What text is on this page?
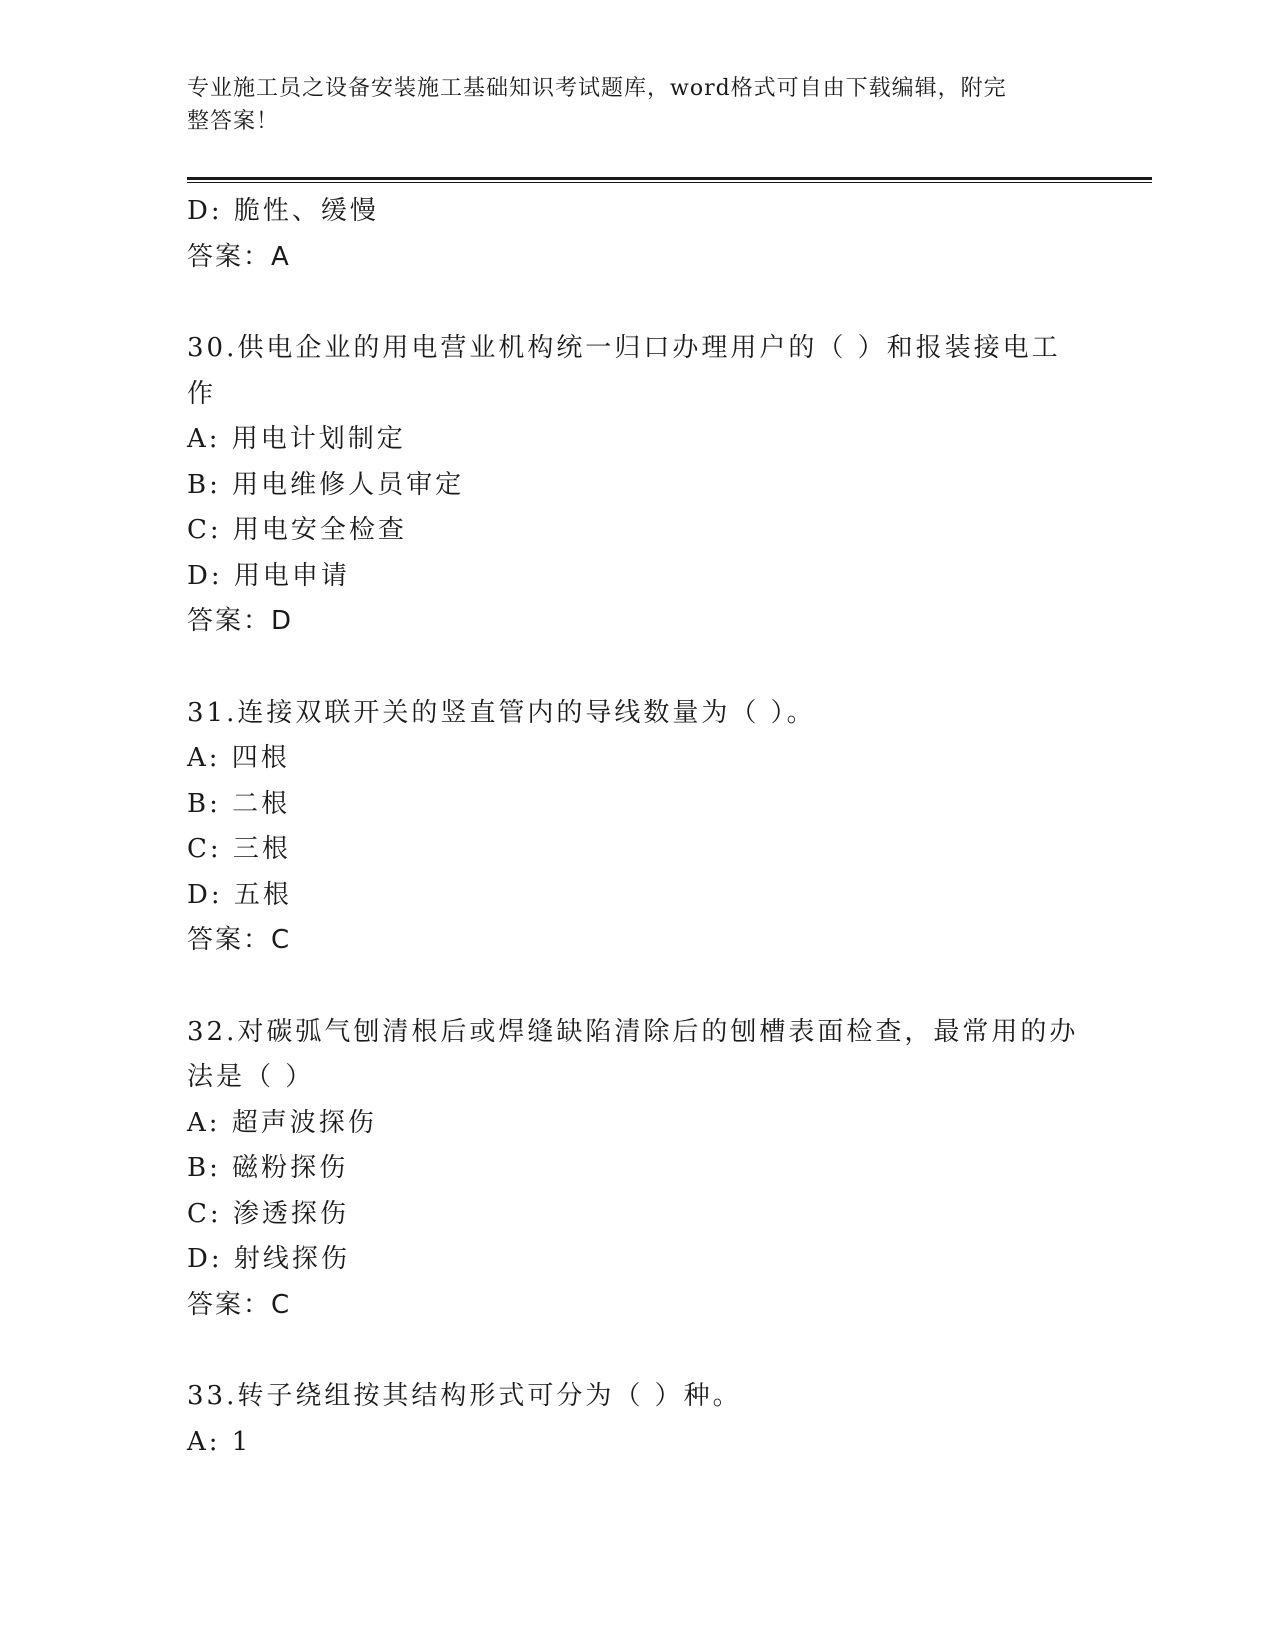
专业施工员之设备安装施工基础知识考试题库，word格式可自由下载编辑，附完
整答案！
D: 脆性、缓慢
答案：A
30.供电企业的用电营业机构统一归口办理用户的（ ）和报装接电工
作
A: 用电计划制定
B: 用电维修人员审定
C: 用电安全检查
D: 用电申请
答案：D
31.连接双联开关的竖直管内的导线数量为（ ）。
A: 四根
B: 二根
C: 三根
D: 五根
答案：C
32.对碳弧气刨清根后或焊缝缺陷清除后的刨槽表面检查，最常用的办
法是（ ）
A: 超声波探伤
B: 磁粉探伤
C: 渗透探伤
D: 射线探伤
答案：C
33.转子绕组按其结构形式可分为（ ）种。
A: 1
